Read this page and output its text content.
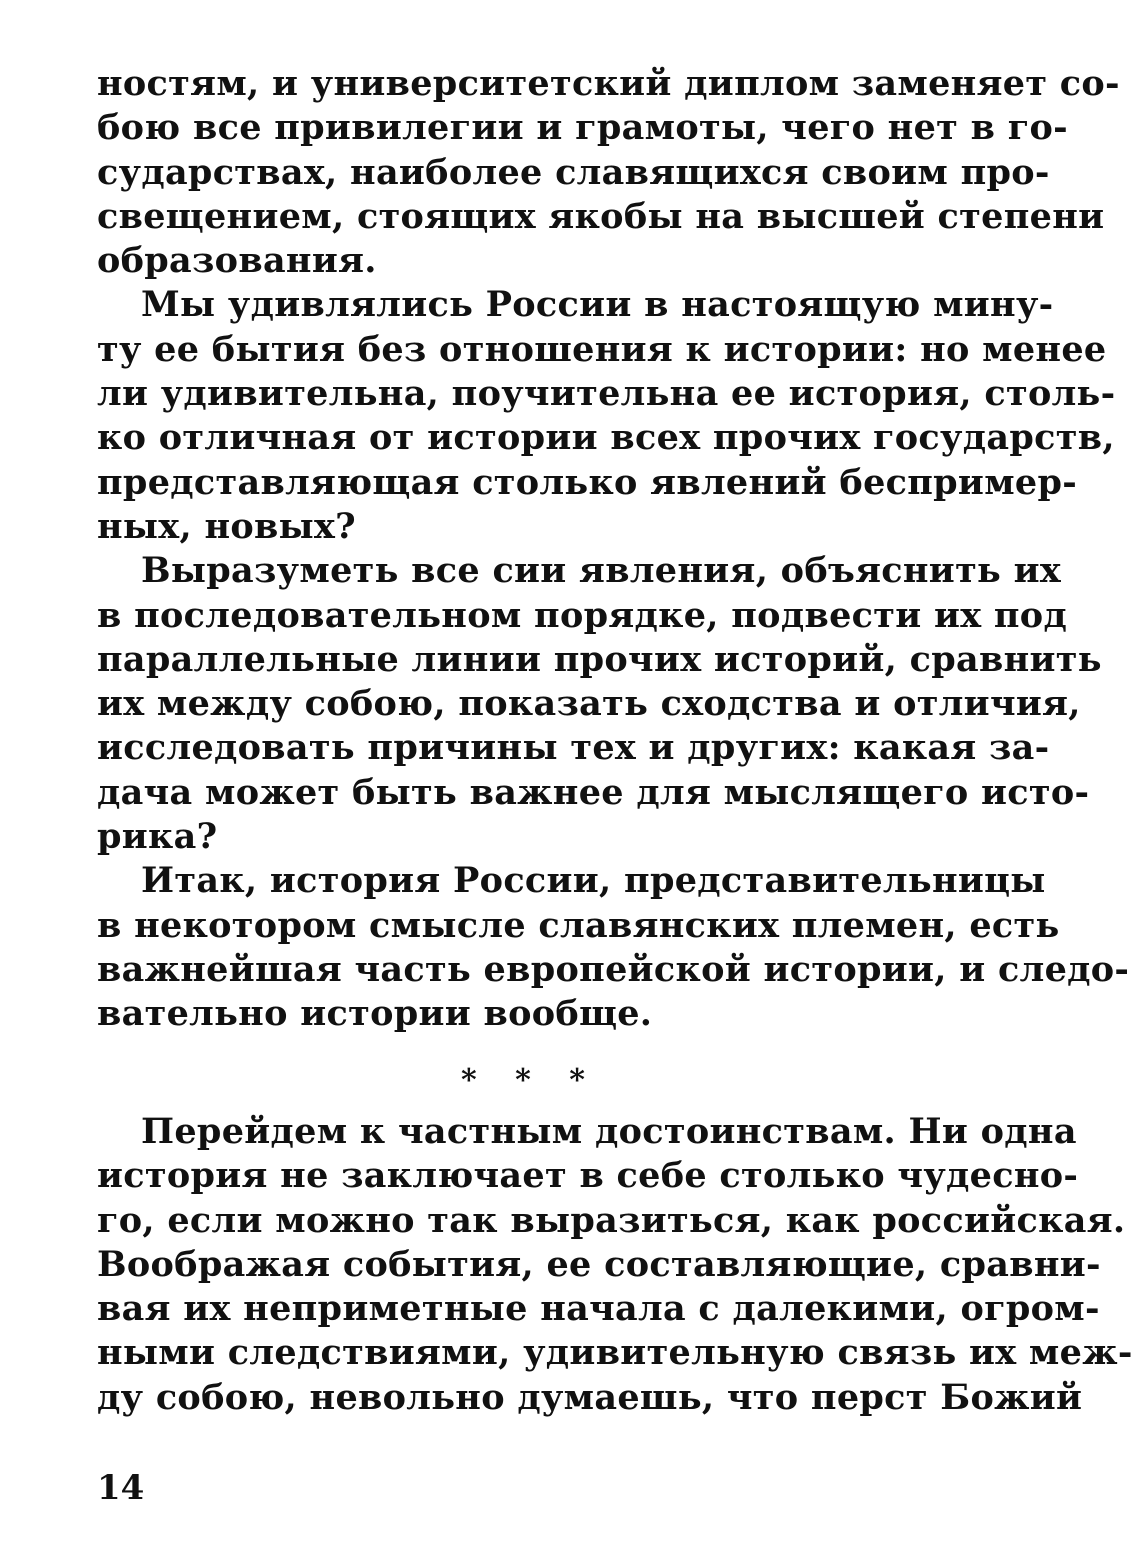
ностям, и университетский диплом заменяет со-
бою все привилегии и грамоты, чего нет в го-
сударствах, наиболее славящихся своим про-
свещением, стоящих якобы на высшей степени
образования.
Мы удивлялись России в настоящую мину-
ту ее бытия без отношения к истории: но менее
ли удивительна, поучительна ее история, столь-
ко отличная от истории всех прочих государств,
представляющая столько явлений беспример-
ных, новых?
Выразуметь все сии явления, объяснить их
в последовательном порядке, подвести их под
параллельные линии прочих историй, сравнить
их между собою, показать сходства и отличия,
исследовать причины тех и других: какая за-
дача может быть важнее для мыслящего исто-
рика?
Итак, история России, представительницы
в некотором смысле славянских племен, есть
важнейшая часть европейской истории, и следо-
вательно истории вообще.
* * *
Перейдем к частным достоинствам. Ни одна
история не заключает в себе столько чудесно-
го, если можно так выразиться, как российская.
Воображая события, ее составляющие, сравни-
вая их неприметные начала с далекими, огром-
ными следствиями, удивительную связь их меж-
ду собою, невольно думаешь, что перст Божий
14
